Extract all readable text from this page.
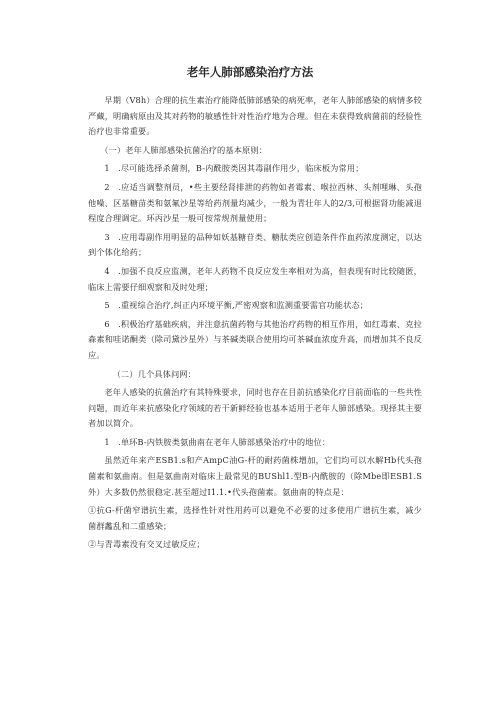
老年人肺部感染治疗方法

早期（V8h）合理的抗生素治疗能降低肺部感染的病死率，老年人肺部感染的病情多较严藏，明确病原由及其对药物的敏感性针对性治疗地为合理。但在未获得致病菌前的经验性治疗也非常重要。

（一）老年人肺部感染抗菌治疗的基本原则：

1　.尽可能选择杀菌剂，B-内酰胺类因其毒副作用少，临床板为常用；

2　.应适当调整剂员，•些主要经肾排泄的药物如者霉素、喉拉西林、头剂哩琳、头孢他噪、区基糖苗类和氨氟沙星等给药剂量均减少，一般为青壮年人的2/3,可根据肾功能减退程度合理调定。环丙沙星一般可按常规剂量使用；

3　.应用毒副作用明显的品种如妖基糖苷类、糖肽类应创造条件作血药浓度测定，以达到个体化给药；

4　.加强不良反应监测，老年人药物不良反应发生率相对为高，但表现有时比较随匿，临床上需要仔细观察和及时处理；

5　.重视综合治疗,纠正内环境平衡,严密观察和监测重要需官功能状态；

6　.积极治疗基础疾病，并注意抗菌药物与其他治疗药物的相互作用，如红毒素、克拉森素和哇诺酮类（除司黛沙星外）与茶碱类联合使用均可茶碱血浓度升高，而增加其不良反应。

（二）几个具体问网：

老年人感染的抗菌治疗有其特殊要求，同时也存在目前抗感染化疗目前面临的一些共性问题，而近年来抗感染化疗领域的若干新鲜经验也基本适用于老年人肺部感染。现择其主要者加以简介。

1　.单环B-内铁胺类氨曲南在老年人肺部感染治疗中的地位：

虽然近年来产ESB1.s和产AmpC油G-杆的耐药菌株增加，它们均可以水解Hb代头孢菌素和氨曲南。但是氨曲南对临床上最常见的BUShl1.型B-内酰胺的（除Mbe即ESB1.S外）大多数仍然很稳定.甚至超过I1.1.•代头孢菌素。氨曲南的特点是：

①抗G-杆菌窄谱抗生素，选择性针对性用药可以避免不必要的过多使用广谱抗生素，减少菌群蠡乱和二重感染；

②与青毒素没有交叉过敏反应；
